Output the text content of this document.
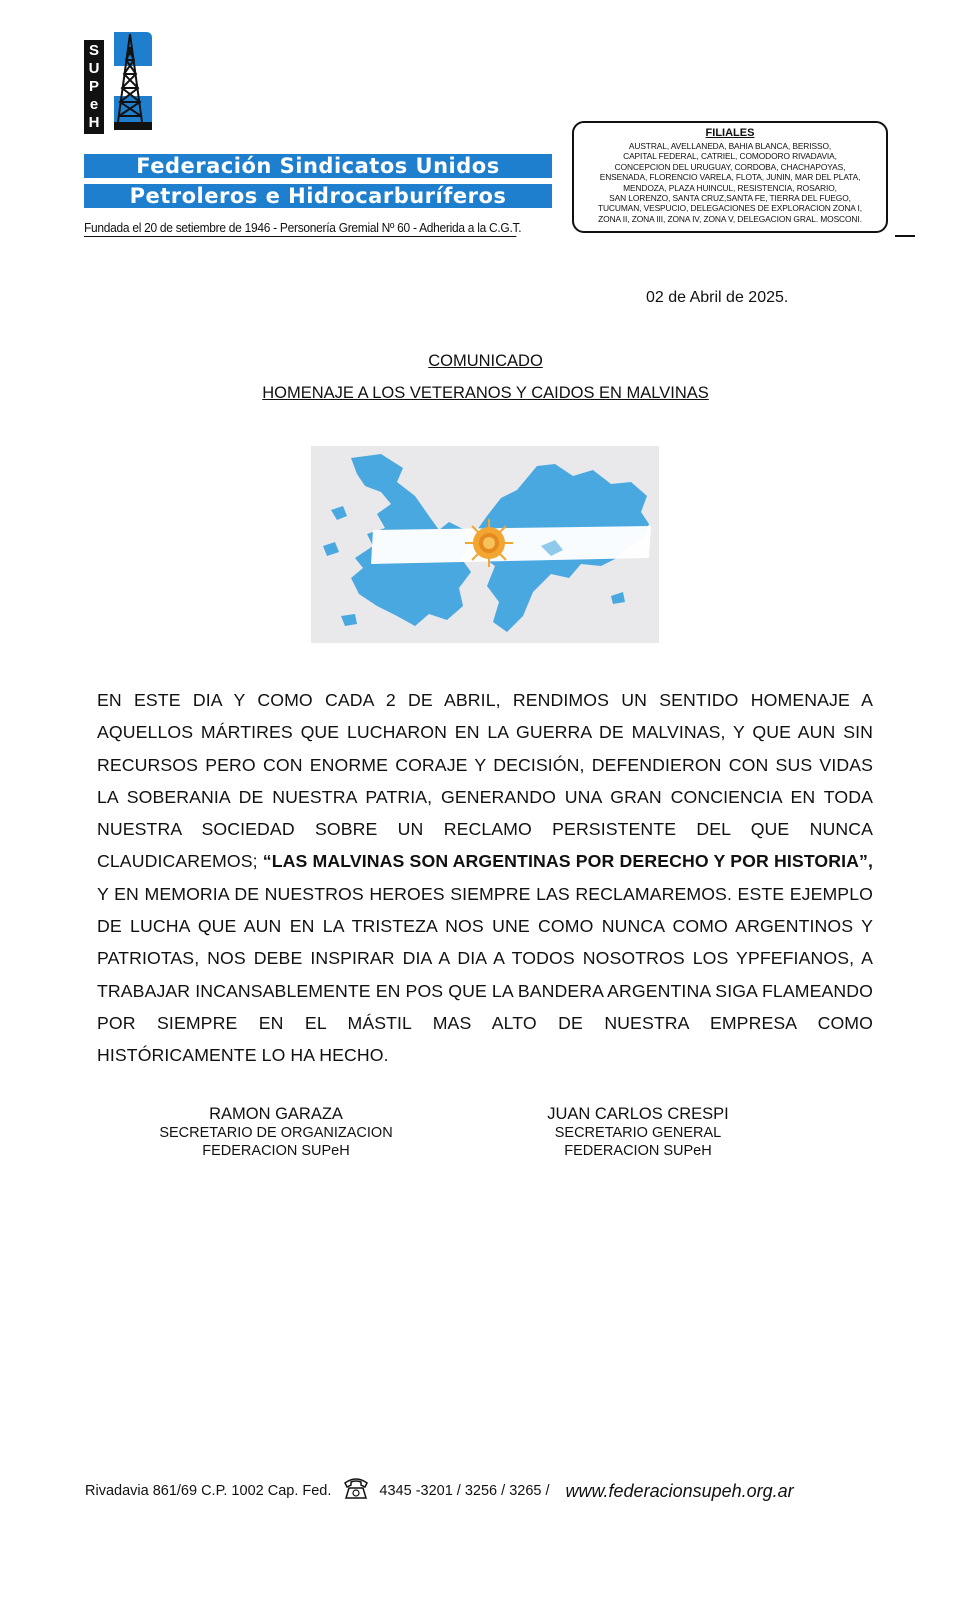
S
U
P
e
H
Federación Sindicatos Unidos
Petroleros e Hidrocarburíferos
Fundada el 20 de setiembre de 1946 - Personería Gremial Nº 60 - Adherida a la C.G.T.
FILIALES
AUSTRAL, AVELLANEDA, BAHIA BLANCA, BERISSO,
CAPITAL FEDERAL, CATRIEL, COMODORO RIVADAVIA,
CONCEPCION DEL URUGUAY, CORDOBA, CHACHAPOYAS,
ENSENADA, FLORENCIO VARELA, FLOTA, JUNIN, MAR DEL PLATA,
MENDOZA, PLAZA HUINCUL, RESISTENCIA, ROSARIO,
SAN LORENZO, SANTA CRUZ,SANTA FE, TIERRA DEL FUEGO,
TUCUMAN, VESPUCIO, DELEGACIONES DE EXPLORACION ZONA I,
ZONA II, ZONA III, ZONA IV, ZONA V, DELEGACION GRAL. MOSCONI.
02 de Abril de 2025.
COMUNICADO
HOMENAJE A LOS VETERANOS Y CAIDOS EN MALVINAS
EN ESTE DIA Y COMO CADA 2 DE ABRIL, RENDIMOS UN SENTIDO HOMENAJE A AQUELLOS MÁRTIRES QUE LUCHARON EN LA GUERRA DE MALVINAS, Y QUE AUN SIN RECURSOS PERO CON ENORME CORAJE Y DECISIÓN, DEFENDIERON CON SUS VIDAS LA SOBERANIA DE NUESTRA PATRIA, GENERANDO UNA GRAN CONCIENCIA EN TODA NUESTRA SOCIEDAD SOBRE UN RECLAMO PERSISTENTE DEL QUE NUNCA CLAUDICAREMOS; “LAS MALVINAS SON ARGENTINAS POR DERECHO Y POR HISTORIA”, Y EN MEMORIA DE NUESTROS HEROES SIEMPRE LAS RECLAMAREMOS. ESTE EJEMPLO DE LUCHA QUE AUN EN LA TRISTEZA NOS UNE COMO NUNCA COMO ARGENTINOS Y PATRIOTAS, NOS DEBE INSPIRAR DIA A DIA A TODOS NOSOTROS LOS YPFEFIANOS, A TRABAJAR INCANSABLEMENTE EN POS QUE LA BANDERA ARGENTINA SIGA FLAMEANDO POR SIEMPRE EN EL MÁSTIL MAS ALTO DE NUESTRA EMPRESA COMO HISTÓRICAMENTE LO HA HECHO.
RAMON GARAZA
SECRETARIO DE ORGANIZACION
FEDERACION SUPeH
JUAN CARLOS CRESPI
SECRETARIO GENERAL
FEDERACION SUPeH
Rivadavia 861/69 C.P. 1002 Cap. Fed.	4345 -3201 / 3256 / 3265 / www.federacionsupeh.org.ar
